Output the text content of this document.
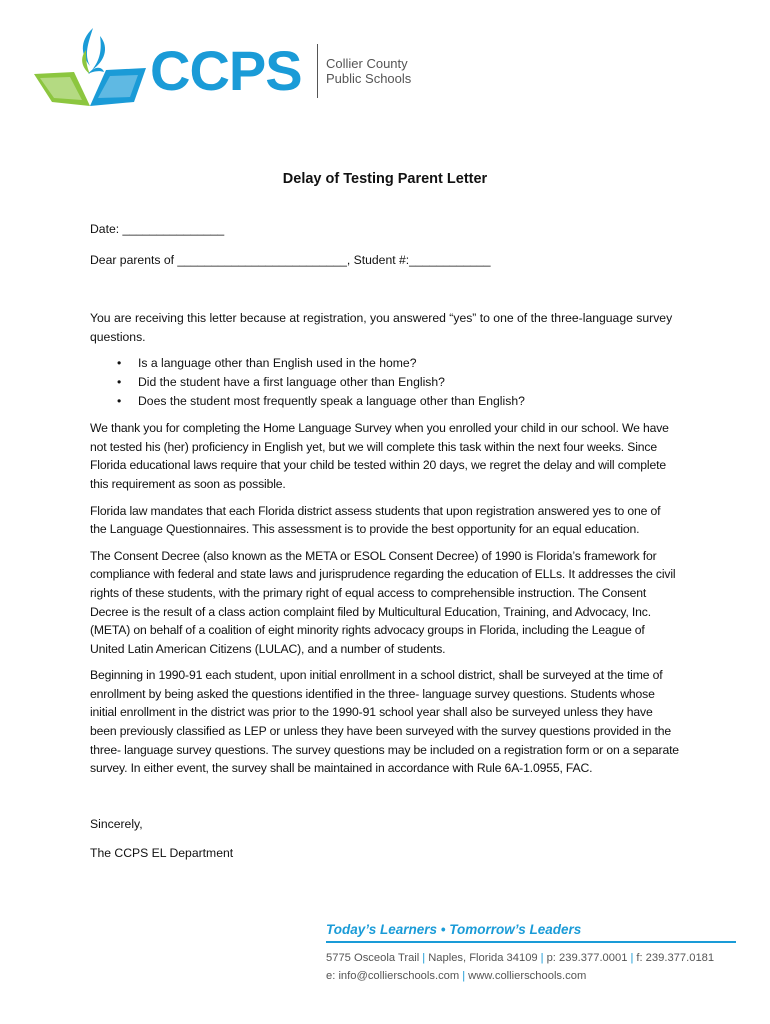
CCPS Collier County
Public Schools
Delay of Testing Parent Letter

Date: _______________

Dear parents of _________________________, Student #:____________

You are receiving this letter because at registration, you answered “yes” to one of the three-language survey questions.

• Is a language other than English used in the home?
• Did the student have a first language other than English?
• Does the student most frequently speak a language other than English?

We thank you for completing the Home Language Survey when you enrolled your child in our school. We have not tested his (her) proficiency in English yet, but we will complete this task within the next four weeks. Since Florida educational laws require that your child be tested within 20 days, we regret the delay and will complete this requirement as soon as possible.

Florida law mandates that each Florida district assess students that upon registration answered yes to one of the Language Questionnaires. This assessment is to provide the best opportunity for an equal education.

The Consent Decree (also known as the META or ESOL Consent Decree) of 1990 is Florida’s framework for compliance with federal and state laws and jurisprudence regarding the education of ELLs. It addresses the civil rights of these students, with the primary right of equal access to comprehensible instruction. The Consent Decree is the result of a class action complaint filed by Multicultural Education, Training, and Advocacy, Inc. (META) on behalf of a coalition of eight minority rights advocacy groups in Florida, including the League of United Latin American Citizens (LULAC), and a number of students.

Beginning in 1990-91 each student, upon initial enrollment in a school district, shall be surveyed at the time of enrollment by being asked the questions identified in the three- language survey questions. Students whose initial enrollment in the district was prior to the 1990-91 school year shall also be surveyed unless they have been previously classified as LEP or unless they have been surveyed with the survey questions provided in the three- language survey questions. The survey questions may be included on a registration form or on a separate survey. In either event, the survey shall be maintained in accordance with Rule 6A-1.0955, FAC.

Sincerely,

The CCPS EL Department

Today’s Learners • Tomorrow’s Leaders
5775 Osceola Trail | Naples, Florida 34109 | p: 239.377.0001 | f: 239.377.0181
e: info@collierschools.com | www.collierschools.com
